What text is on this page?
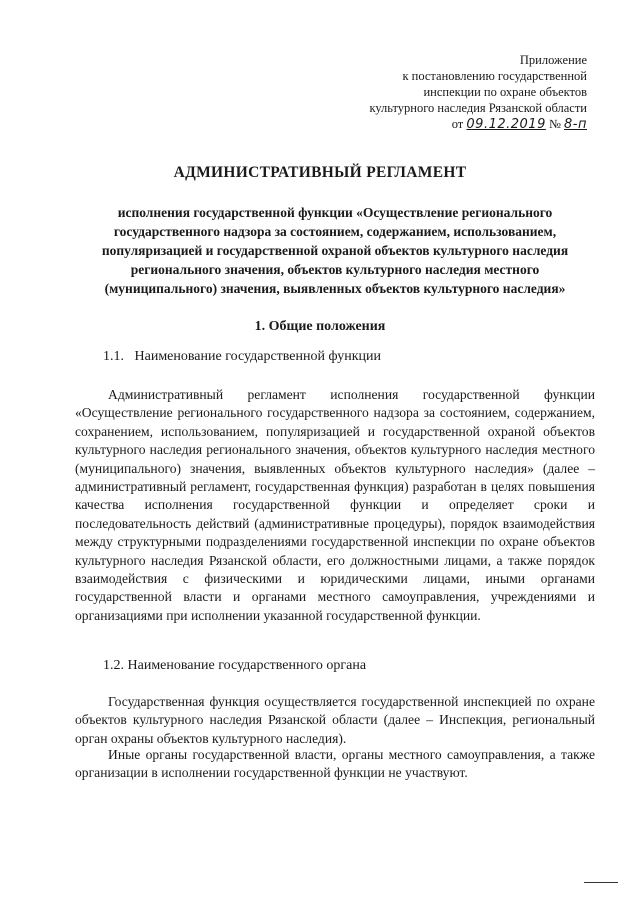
Приложение
к постановлению государственной
инспекции по охране объектов
культурного наследия Рязанской области
от 09.12.2019 № 8-п
АДМИНИСТРАТИВНЫЙ РЕГЛАМЕНТ
исполнения государственной функции «Осуществление регионального государственного надзора за состоянием, содержанием, использованием, популяризацией и государственной охраной объектов культурного наследия регионального значения, объектов культурного наследия местного (муниципального) значения, выявленных объектов культурного наследия»
1. Общие положения
1.1.   Наименование государственной функции
Административный регламент исполнения государственной функции «Осуществление регионального государственного надзора за состоянием, содержанием, сохранением, использованием, популяризацией и государственной охраной объектов культурного наследия регионального значения, объектов культурного наследия местного (муниципального) значения, выявленных объектов культурного наследия» (далее – административный регламент, государственная функция) разработан в целях повышения качества исполнения государственной функции и определяет сроки и последовательность действий (административные процедуры), порядок взаимодействия между структурными подразделениями государственной инспекции по охране объектов культурного наследия Рязанской области, его должностными лицами, а также порядок взаимодействия с физическими и юридическими лицами, иными органами государственной власти и органами местного самоуправления, учреждениями и организациями при исполнении указанной государственной функции.
1.2. Наименование государственного органа
Государственная функция осуществляется государственной инспекцией по охране объектов культурного наследия Рязанской области (далее – Инспекция, региональный орган охраны объектов культурного наследия).
Иные органы государственной власти, органы местного самоуправления, а также организации в исполнении государственной функции не участвуют.
